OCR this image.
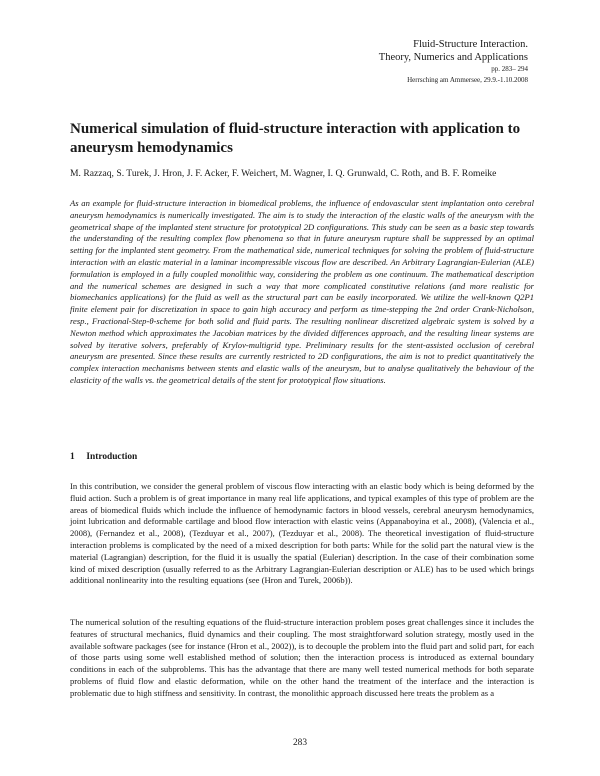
Fluid-Structure Interaction.
Theory, Numerics and Applications
pp. 283– 294
Herrsching am Ammersee, 29.9.-1.10.2008
Numerical simulation of fluid-structure interaction with application to aneurysm hemodynamics
M. Razzaq, S. Turek, J. Hron, J. F. Acker, F. Weichert, M. Wagner, I. Q. Grunwald, C. Roth, and B. F. Romeike

As an example for fluid-structure interaction in biomedical problems, the influence of endovascular stent implantation onto cerebral aneurysm hemodynamics is numerically investigated. The aim is to study the interaction of the elastic walls of the aneurysm with the geometrical shape of the implanted stent structure for prototypical 2D configurations. This study can be seen as a basic step towards the understanding of the resulting complex flow phenomena so that in future aneurysm rupture shall be suppressed by an optimal setting for the implanted stent geometry. From the mathematical side, numerical techniques for solving the problem of fluid-structure interaction with an elastic material in a laminar incompressible viscous flow are described. An Arbitrary Lagrangian-Eulerian (ALE) formulation is employed in a fully coupled monolithic way, considering the problem as one continuum. The mathematical description and the numerical schemes are designed in such a way that more complicated constitutive relations (and more realistic for biomechanics applications) for the fluid as well as the structural part can be easily incorporated. We utilize the well-known Q2P1 finite element pair for discretization in space to gain high accuracy and perform as time-stepping the 2nd order Crank-Nicholson, resp., Fractional-Step-θ-scheme for both solid and fluid parts. The resulting nonlinear discretized algebraic system is solved by a Newton method which approximates the Jacobian matrices by the divided differences approach, and the resulting linear systems are solved by iterative solvers, preferably of Krylov-multigrid type. Preliminary results for the stent-assisted occlusion of cerebral aneurysm are presented. Since these results are currently restricted to 2D configurations, the aim is not to predict quantitatively the complex interaction mechanisms between stents and elastic walls of the aneurysm, but to analyse qualitatively the behaviour of the elasticity of the walls vs. the geometrical details of the stent for prototypical flow situations.

1 Introduction

In this contribution, we consider the general problem of viscous flow interacting with an elastic body which is being deformed by the fluid action. Such a problem is of great importance in many real life applications, and typical examples of this type of problem are the areas of biomedical fluids which include the influence of hemodynamic factors in blood vessels, cerebral aneurysm hemodynamics, joint lubrication and deformable cartilage and blood flow interaction with elastic veins (Appanaboyina et al., 2008), (Valencia et al., 2008), (Fernandez et al., 2008), (Tezduyar et al., 2007), (Tezduyar et al., 2008). The theoretical investigation of fluid-structure interaction problems is complicated by the need of a mixed description for both parts: While for the solid part the natural view is the material (Lagrangian) description, for the fluid it is usually the spatial (Eulerian) description. In the case of their combination some kind of mixed description (usually referred to as the Arbitrary Lagrangian-Eulerian description or ALE) has to be used which brings additional nonlinearity into the resulting equations (see (Hron and Turek, 2006b)).

The numerical solution of the resulting equations of the fluid-structure interaction problem poses great challenges since it includes the features of structural mechanics, fluid dynamics and their coupling. The most straightforward solution strategy, mostly used in the available software packages (see for instance (Hron et al., 2002)), is to decouple the problem into the fluid part and solid part, for each of those parts using some well established method of solution; then the interaction process is introduced as external boundary conditions in each of the subproblems. This has the advantage that there are many well tested numerical methods for both separate problems of fluid flow and elastic deformation, while on the other hand the treatment of the interface and the interaction is problematic due to high stiffness and sensitivity. In contrast, the monolithic approach discussed here treats the problem as a

283
